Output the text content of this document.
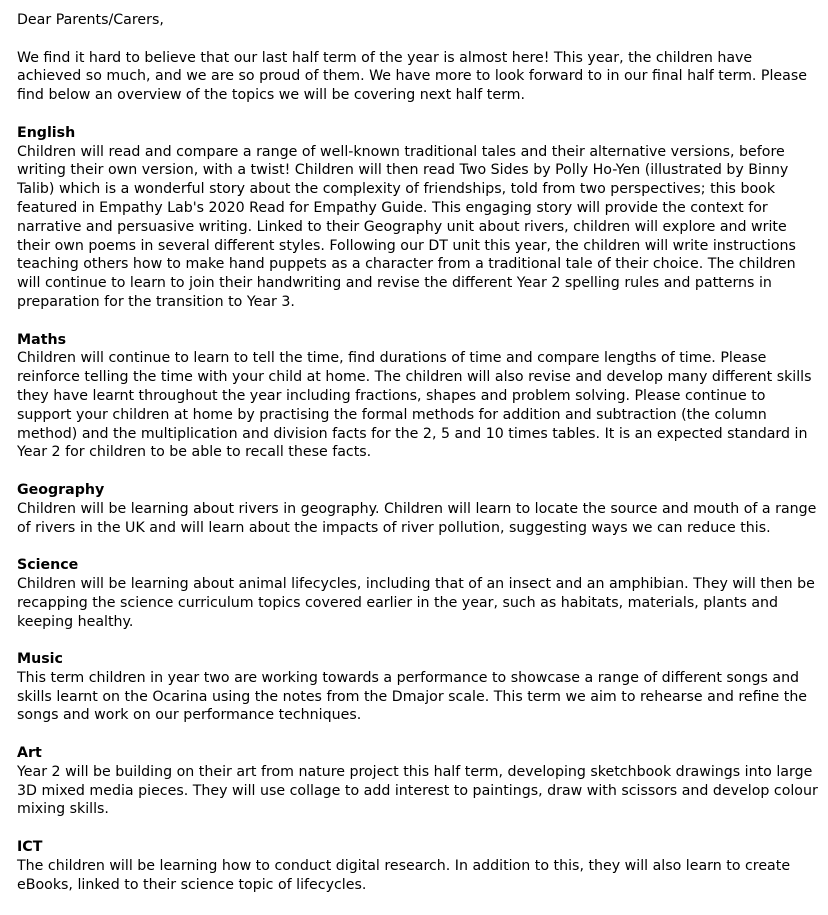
Dear Parents/Carers,

We find it hard to believe that our last half term of the year is almost here! This year, the children have achieved so much, and we are so proud of them. We have more to look forward to in our final half term. Please find below an overview of the topics we will be covering next half term.

English

Children will read and compare a range of well-known traditional tales and their alternative versions, before writing their own version, with a twist! Children will then read Two Sides by Polly Ho-Yen (illustrated by Binny Talib) which is a wonderful story about the complexity of friendships, told from two perspectives; this book featured in Empathy Lab's 2020 Read for Empathy Guide. This engaging story will provide the context for narrative and persuasive writing. Linked to their Geography unit about rivers, children will explore and write their own poems in several different styles. Following our DT unit this year, the children will write instructions teaching others how to make hand puppets as a character from a traditional tale of their choice. The children will continue to learn to join their handwriting and revise the different Year 2 spelling rules and patterns in preparation for the transition to Year 3.

Maths

Children will continue to learn to tell the time, find durations of time and compare lengths of time. Please reinforce telling the time with your child at home. The children will also revise and develop many different skills they have learnt throughout the year including fractions, shapes and problem solving. Please continue to support your children at home by practising the formal methods for addition and subtraction (the column method) and the multiplication and division facts for the 2, 5 and 10 times tables. It is an expected standard in Year 2 for children to be able to recall these facts.

Geography

Children will be learning about rivers in geography. Children will learn to locate the source and mouth of a range of rivers in the UK and will learn about the impacts of river pollution, suggesting ways we can reduce this.

Science

Children will be learning about animal lifecycles, including that of an insect and an amphibian. They will then be recapping the science curriculum topics covered earlier in the year, such as habitats, materials, plants and keeping healthy.

Music

This term children in year two are working towards a performance to showcase a range of different songs and skills learnt on the Ocarina using the notes from the Dmajor scale. This term we aim to rehearse and refine the songs and work on our performance techniques.

Art

Year 2 will be building on their art from nature project this half term, developing sketchbook drawings into large 3D mixed media pieces. They will use collage to add interest to paintings, draw with scissors and develop colour mixing skills.

ICT

The children will be learning how to conduct digital research. In addition to this, they will also learn to create eBooks, linked to their science topic of lifecycles.
